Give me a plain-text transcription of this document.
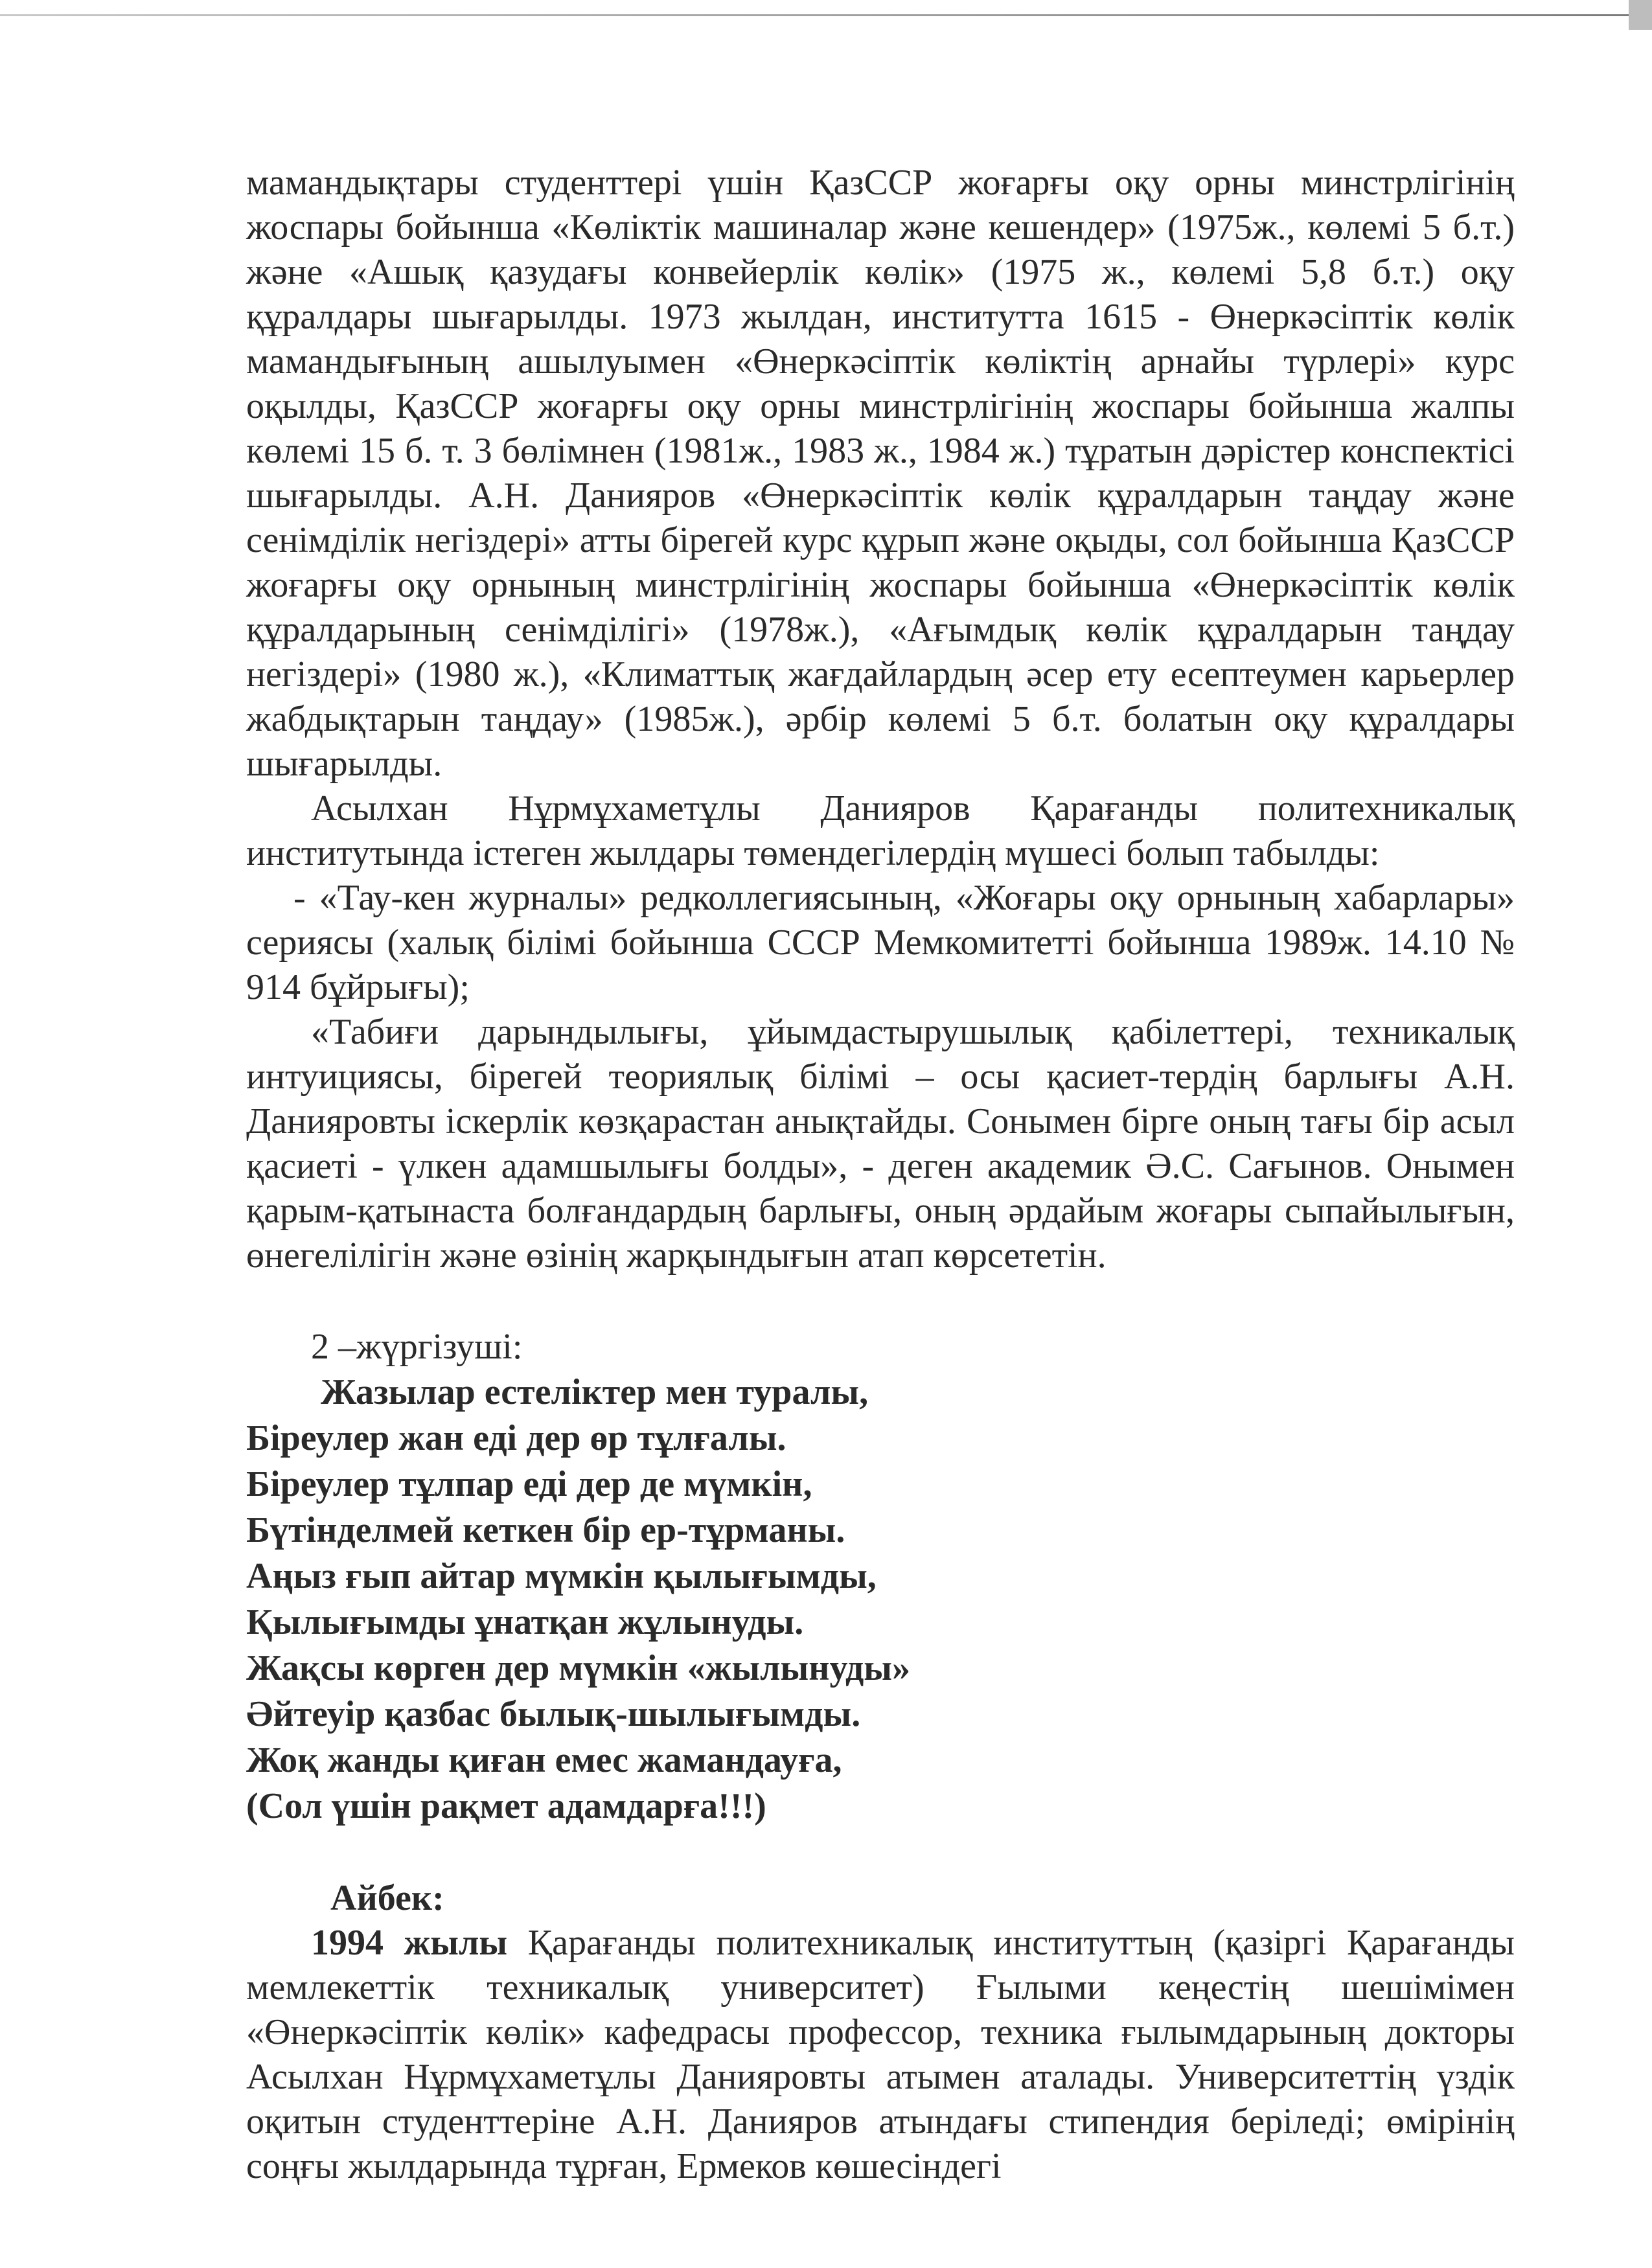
мамандықтары студенттері үшін ҚазССР жоғарғы оқу орны минстрлігінің жоспары бойынша «Көліктік машиналар және кешендер» (1975ж., көлемі 5 б.т.) және «Ашық қазудағы конвейерлік көлік» (1975 ж., көлемі 5,8 б.т.) оқу құралдары шығарылды. 1973 жылдан, институтта 1615 - Өнеркәсіптік көлік мамандығының ашылуымен «Өнеркәсіптік көліктің арнайы түрлері» курс оқылды, ҚазССР жоғарғы оқу орны минстрлігінің жоспары бойынша жалпы көлемі 15 б. т. 3 бөлімнен (1981ж., 1983 ж., 1984 ж.) тұратын дәрістер конспектісі шығарылды. А.Н. Данияров «Өнеркәсіптік көлік құралдарын таңдау және сенімділік негіздері» атты бірегей курс құрып және оқыды, сол бойынша ҚазССР жоғарғы оқу орнының минстрлігінің жоспары бойынша «Өнеркәсіптік көлік құралдарының сенімділігі» (1978ж.), «Ағымдық көлік құралдарын таңдау негіздері» (1980 ж.), «Климаттық жағдайлардың әсер ету есептеумен карьерлер жабдықтарын таңдау» (1985ж.), әрбір көлемі 5 б.т. болатын оқу құралдары шығарылды.

Асылхан Нұрмұхаметұлы Данияров Қарағанды политехникалық институтында істеген жылдары төмендегілердің мүшесі болып табылды:

- «Тау-кен журналы» редколлегиясының, «Жоғары оқу орнының хабарлары» сериясы (халық білімі бойынша СССР Мемкомитетті бойынша 1989ж. 14.10 № 914 бұйрығы);

«Табиғи дарындылығы, ұйымдастырушылық қабілеттері, техникалық интуициясы, бірегей теориялық білімі – осы қасиет-тердің барлығы А.Н. Данияровты іскерлік көзқарастан анықтайды. Сонымен бірге оның тағы бір асыл қасиеті - үлкен адамшылығы болды», - деген академик Ә.С. Сағынов. Онымен қарым-қатынаста болғандардың барлығы, оның әрдайым жоғары сыпайылығын, өнегелілігін және өзінің жарқындығын атап көрсететін.

2 –жүргізуші:

Жазылар естеліктер мен туралы,
Біреулер жан еді дер өр тұлғалы.
Біреулер тұлпар еді дер де мүмкін,
Бүтінделмей кеткен бір ер-тұрманы.
Аңыз ғып айтар мүмкін қылығымды,
Қылығымды ұнатқан жұлынуды.
Жақсы көрген дер мүмкін «жылынуды»
Әйтеуір қазбас былық-шылығымды.
Жоқ жанды қиған емес жамандауға,
(Сол үшін рақмет адамдарға!!!)

Айбек:

1994 жылы Қарағанды политехникалық институттың (қазіргі Қарағанды мемлекеттік техникалық университет) Ғылыми кеңестің шешімімен «Өнеркәсіптік көлік» кафедрасы профессор, техника ғылымдарының докторы Асылхан Нұрмұхаметұлы Данияровты атымен аталады. Университеттің үздік оқитын студенттеріне А.Н. Данияров атындағы стипендия беріледі; өмірінің соңғы жылдарында тұрған, Ермеков көшесіндегі
